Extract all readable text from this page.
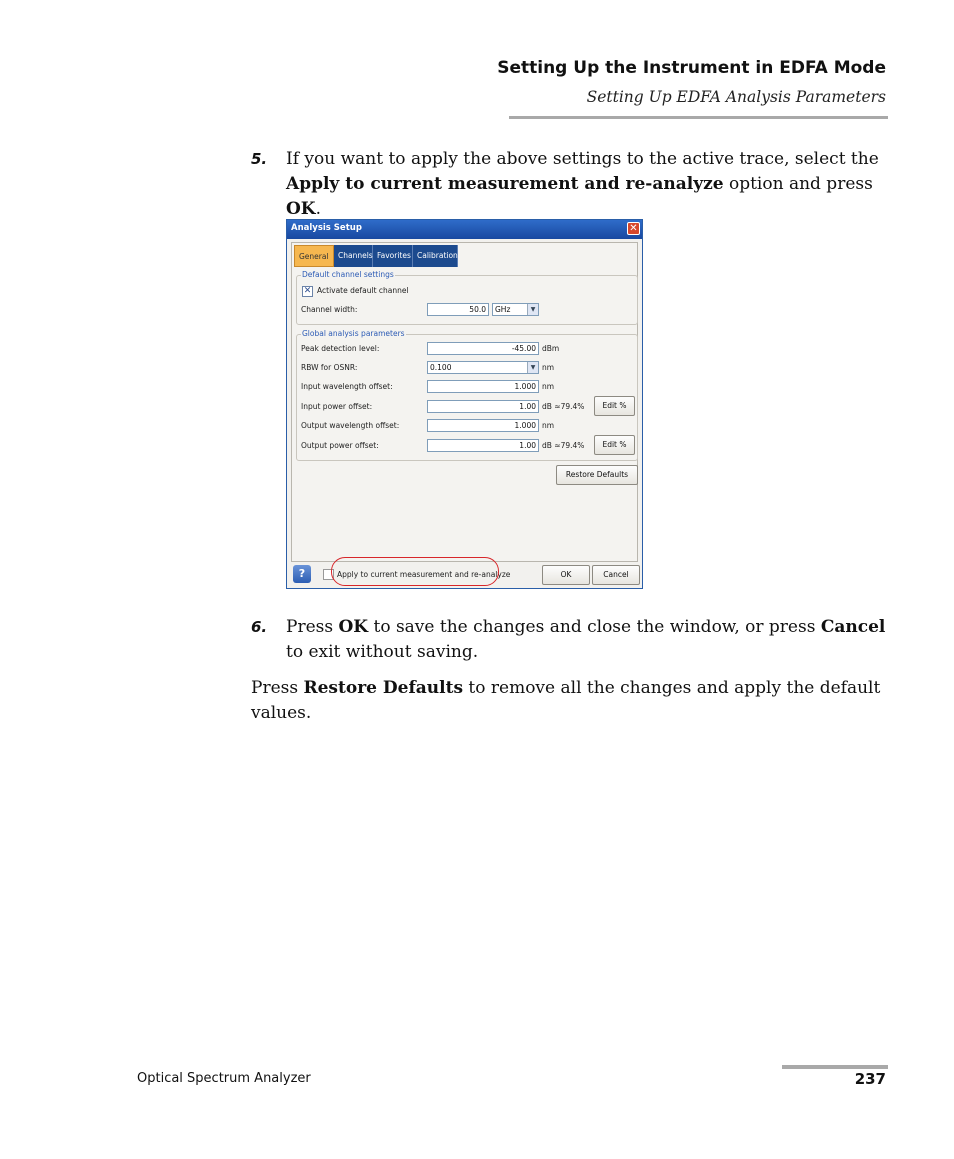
Setting Up the Instrument in EDFA Mode
Setting Up EDFA Analysis Parameters
5. If you want to apply the above settings to the active trace, select the Apply to current measurement and re-analyze option and press OK.
Analysis Setup	✕
General	Channels Favorites Calibration
Default channel settings
✕ Activate default channel
Channel width:	50.0	GHz	▼
Global analysis parameters
Peak detection level:	-45.00 dBm
RBW for OSNR:	0.100	▼ nm
Input wavelength offset:	1.000 nm
Input power offset:	1.00 dB ≈79.4%	Edit %
Output wavelength offset:	1.000 nm
Output power offset:	1.00 dB ≈79.4%	Edit %
Restore Defaults
?	Apply to current measurement and re-analyze	OK	Cancel
6. Press OK to save the changes and close the window, or press Cancel to exit without saving.
Press Restore Defaults to remove all the changes and apply the default values.
Optical Spectrum Analyzer	237
